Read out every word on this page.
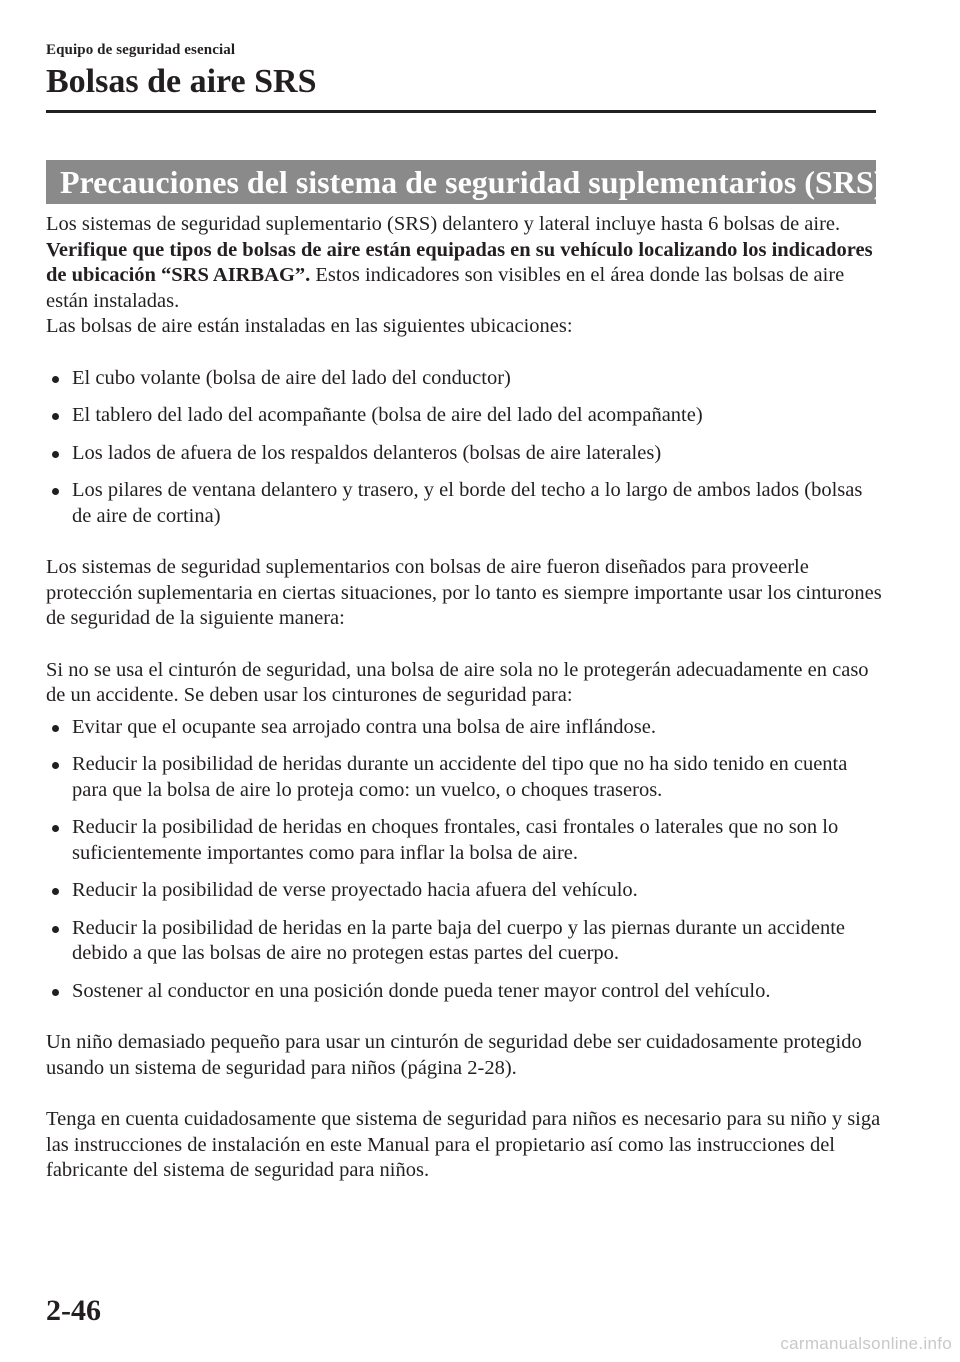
Equipo de seguridad esencial
Bolsas de aire SRS
Precauciones del sistema de seguridad suplementarios (SRS)

Los sistemas de seguridad suplementario (SRS) delantero y lateral incluye hasta 6 bolsas de aire. Verifique que tipos de bolsas de aire están equipadas en su vehículo localizando los indicadores de ubicación “SRS AIRBAG”. Estos indicadores son visibles en el área donde las bolsas de aire están instaladas.

Las bolsas de aire están instaladas en las siguientes ubicaciones:

El cubo volante (bolsa de aire del lado del conductor)
El tablero del lado del acompañante (bolsa de aire del lado del acompañante)
Los lados de afuera de los respaldos delanteros (bolsas de aire laterales)
Los pilares de ventana delantero y trasero, y el borde del techo a lo largo de ambos lados (bolsas de aire de cortina)

Los sistemas de seguridad suplementarios con bolsas de aire fueron diseñados para proveerle protección suplementaria en ciertas situaciones, por lo tanto es siempre importante usar los cinturones de seguridad de la siguiente manera:

Si no se usa el cinturón de seguridad, una bolsa de aire sola no le protegerán adecuadamente en caso de un accidente. Se deben usar los cinturones de seguridad para:

Evitar que el ocupante sea arrojado contra una bolsa de aire inflándose.
Reducir la posibilidad de heridas durante un accidente del tipo que no ha sido tenido en cuenta para que la bolsa de aire lo proteja como: un vuelco, o choques traseros.
Reducir la posibilidad de heridas en choques frontales, casi frontales o laterales que no son lo suficientemente importantes como para inflar la bolsa de aire.
Reducir la posibilidad de verse proyectado hacia afuera del vehículo.
Reducir la posibilidad de heridas en la parte baja del cuerpo y las piernas durante un accidente debido a que las bolsas de aire no protegen estas partes del cuerpo.
Sostener al conductor en una posición donde pueda tener mayor control del vehículo.

Un niño demasiado pequeño para usar un cinturón de seguridad debe ser cuidadosamente protegido usando un sistema de seguridad para niños (página 2-28).

Tenga en cuenta cuidadosamente que sistema de seguridad para niños es necesario para su niño y siga las instrucciones de instalación en este Manual para el propietario así como las instrucciones del fabricante del sistema de seguridad para niños.

2-46
carmanualsonline.info
